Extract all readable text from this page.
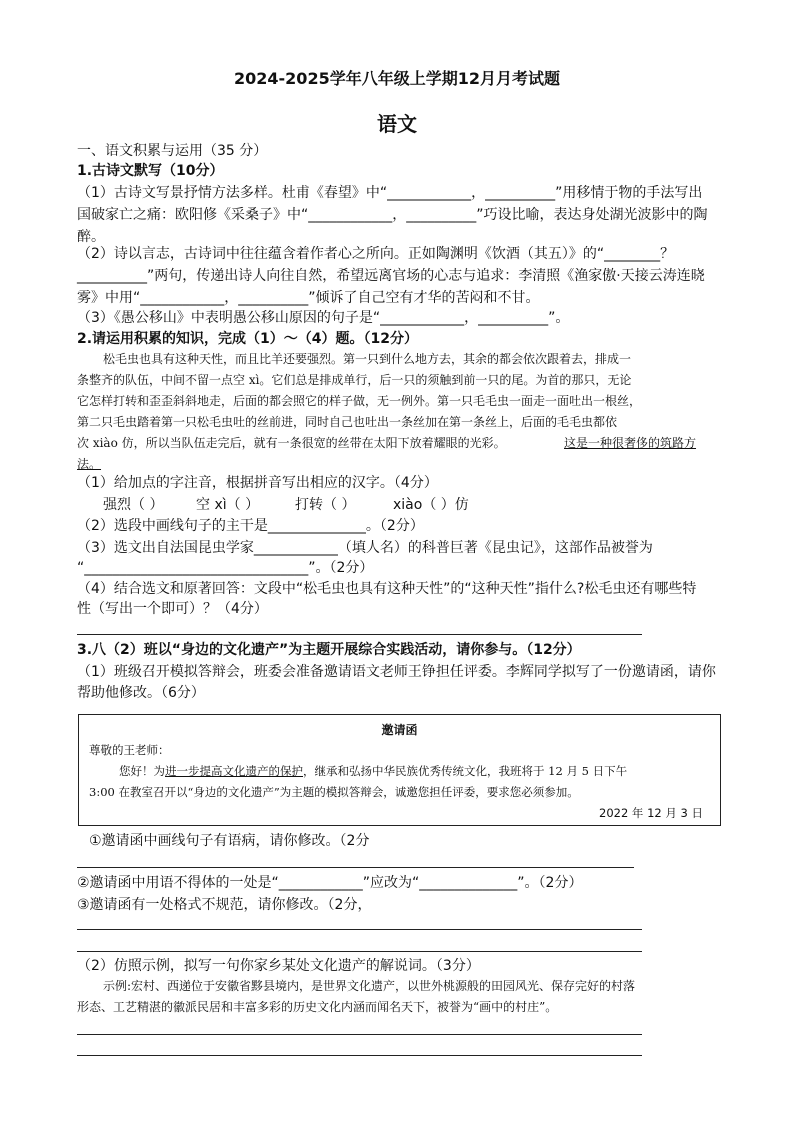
2024-2025学年八年级上学期12月月考试题
语文
一、语文积累与运用（35 分）
1.古诗文默写（10分）
（1）古诗文写景抒情方法多样。杜甫《春望》中“____________，__________”用移情于物的手法写出
国破家亡之痛：欧阳修《采桑子》中“____________，__________”巧设比喻，表达身处湖光波影中的陶
醉。
（2）诗以言志，古诗词中往往蕴含着作者心之所向。正如陶渊明《饮酒（其五）》的“________？
__________”两句，传递出诗人向往自然，希望远离官场的心志与追求：李清照《渔家傲·天接云涛连晓
雾》中用“____________，__________”倾诉了自己空有才华的苦闷和不甘。
（3）《愚公移山》中表明愚公移山原因的句子是“____________，__________”。
2.请运用积累的知识，完成（1）～（4）题。（12分）
松毛虫也具有这种天性，而且比羊还要强烈。第一只到什么地方去，其余的都会依次跟着去，排成一
条整齐的队伍，中间不留一点空 xì。它们总是排成单行，后一只的须触到前一只的尾。为首的那只，无论
它怎样打转和歪歪斜斜地走，后面的都会照它的样子做，无一例外。第一只毛毛虫一面走一面吐出一根丝，
第二只毛虫踏着第一只松毛虫吐的丝前进，同时自己也吐出一条丝加在第一条丝上，后面的毛毛虫都依
次 xiào 仿，所以当队伍走完后，就有一条很宽的丝带在太阳下放着耀眼的光彩。	这是一种很奢侈的筑路方
法。
（1）给加点的字注音，根据拼音写出相应的汉字。（4分）
强烈（ ） 空 xì（ ）	打转（ ）	xiào（ ）仿
（2）选段中画线句子的主干是______________。（2分）
（3）选文出自法国昆虫学家____________（填人名）的科普巨著《昆虫记》，这部作品被誉为
“________________________________”。（2分）
（4）结合选文和原著回答：文段中“松毛虫也具有这种天性”的“这种天性”指什么?松毛虫还有哪些特
性（写出一个即可）？（4分）
3.八（2）班以“身边的文化遗产”为主题开展综合实践活动，请你参与。（12分）
（1）班级召开模拟答辩会，班委会准备邀请语文老师王铮担任评委。李辉同学拟写了一份邀请函，请你
帮助他修改。（6分）
邀请函
尊敬的王老师：
您好！为进一步提高文化遗产的保护，继承和弘扬中华民族优秀传统文化，我班将于 12 月 5 日下午
3:00 在教室召开以“身边的文化遗产”为主题的模拟答辩会，诚邀您担任评委，要求您必须参加。
2022 年 12 月 3 日
①邀请函中画线句子有语病，请你修改。（2分
②邀请函中用语不得体的一处是“____________”应改为“______________”。（2分）
③邀请函有一处格式不规范，请你修改。（2分，
（2）仿照示例，拟写一句你家乡某处文化遗产的解说词。（3分）
示例:宏村、西递位于安徽省黟县境内，是世界文化遗产，以世外桃源般的田园风光、保存完好的村落
形态、工艺精湛的徽派民居和丰富多彩的历史文化内涵而闻名天下，被誉为“画中的村庄”。
